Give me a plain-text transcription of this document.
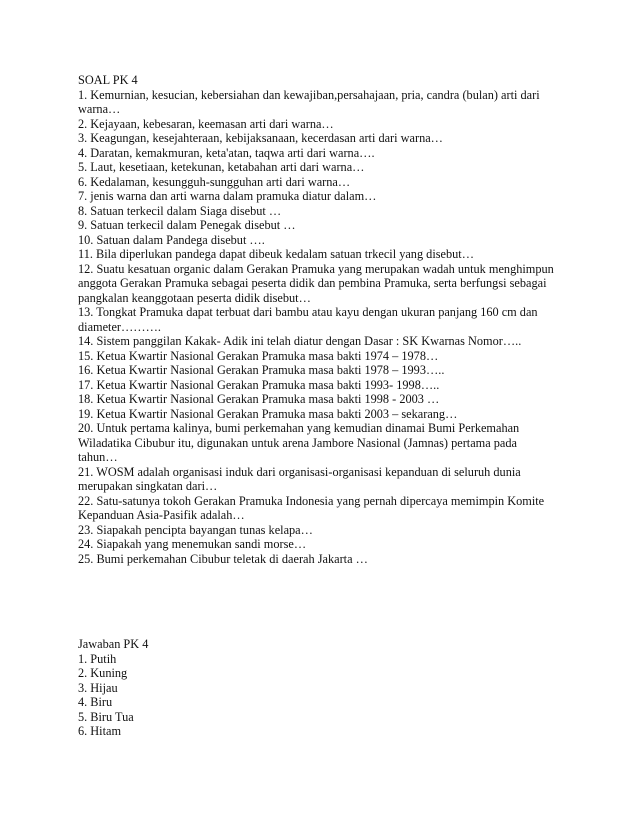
SOAL PK 4
1. Kemurnian, kesucian, kebersiahan dan kewajiban,persahajaan, pria, candra (bulan) arti dari
warna…
2. Kejayaan, kebesaran, keemasan arti dari warna…
3. Keagungan, kesejahteraan, kebijaksanaan, kecerdasan arti dari warna…
4. Daratan, kemakmuran, keta'atan, taqwa arti dari warna….
5. Laut, kesetiaan, ketekunan, ketabahan arti dari warna…
6. Kedalaman, kesungguh-sungguhan arti dari warna…
7. jenis warna dan arti warna dalam pramuka diatur dalam…
8. Satuan terkecil dalam Siaga disebut …
9. Satuan terkecil dalam Penegak disebut …
10. Satuan dalam Pandega disebut ….
11. Bila diperlukan pandega dapat dibeuk kedalam satuan trkecil yang disebut…
12. Suatu kesatuan organic dalam Gerakan Pramuka yang merupakan wadah untuk menghimpun
anggota Gerakan Pramuka sebagai peserta didik dan pembina Pramuka, serta berfungsi sebagai
pangkalan keanggotaan peserta didik disebut…
13. Tongkat Pramuka dapat terbuat dari bambu atau kayu dengan ukuran panjang 160 cm dan
diameter……….
14. Sistem panggilan Kakak- Adik ini telah diatur dengan Dasar : SK Kwarnas Nomor…..
15. Ketua Kwartir Nasional Gerakan Pramuka masa bakti 1974 – 1978…
16. Ketua Kwartir Nasional Gerakan Pramuka masa bakti 1978 – 1993…..
17. Ketua Kwartir Nasional Gerakan Pramuka masa bakti 1993- 1998…..
18. Ketua Kwartir Nasional Gerakan Pramuka masa bakti 1998 - 2003 …
19. Ketua Kwartir Nasional Gerakan Pramuka masa bakti 2003 – sekarang…
20. Untuk pertama kalinya, bumi perkemahan yang kemudian dinamai Bumi Perkemahan
Wiladatika Cibubur itu, digunakan untuk arena Jambore Nasional (Jamnas) pertama pada
tahun…
21. WOSM adalah organisasi induk dari organisasi-organisasi kepanduan di seluruh dunia
merupakan singkatan dari…
22. Satu-satunya tokoh Gerakan Pramuka Indonesia yang pernah dipercaya memimpin Komite
Kepanduan Asia-Pasifik adalah…
23. Siapakah pencipta bayangan tunas kelapa…
24. Siapakah yang menemukan sandi morse…
25. Bumi perkemahan Cibubur teletak di daerah Jakarta …
Jawaban PK 4
1. Putih
2. Kuning
3. Hijau
4. Biru
5. Biru Tua
6. Hitam
